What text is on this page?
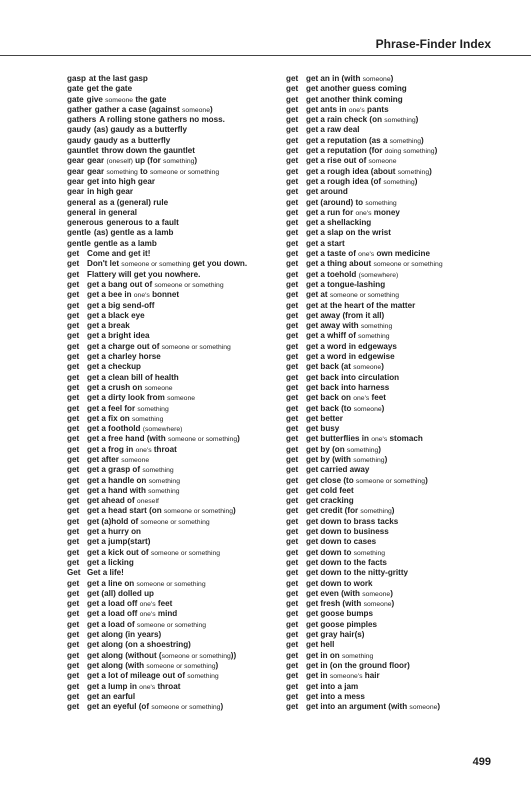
Phrase-Finder Index
gasp at the last gasp
gate get the gate
gate give someone the gate
gather gather a case (against someone)
gathers A rolling stone gathers no moss.
gaudy (as) gaudy as a butterfly
gaudy gaudy as a butterfly
gauntlet throw down the gauntlet
gear gear (oneself) up (for something)
gear gear something to someone or something
gear get into high gear
gear in high gear
general as a (general) rule
general in general
generous generous to a fault
gentle (as) gentle as a lamb
gentle gentle as a lamb
get Come and get it!
get Don't let someone or something get you down.
get Flattery will get you nowhere.
get get a bang out of someone or something
get get a bee in one's bonnet
get get a big send-off
get get a black eye
get get a break
get get a bright idea
get get a charge out of someone or something
get get a charley horse
get get a checkup
get get a clean bill of health
get get a crush on someone
get get a dirty look from someone
get get a feel for something
get get a fix on something
get get a foothold (somewhere)
get get a free hand (with someone or something)
get get a frog in one's throat
get get after someone
get get a grasp of something
get get a handle on something
get get a hand with something
get get ahead of oneself
get get a head start (on someone or something)
get get (a)hold of someone or something
get get a hurry on
get get a jump(start)
get get a kick out of someone or something
get get a licking
Get Get a life!
get get a line on someone or something
get get (all) dolled up
get get a load off one's feet
get get a load off one's mind
get get a load of someone or something
get get along (in years)
get get along (on a shoestring)
get get along (without (someone or something))
get get along (with someone or something)
get get a lot of mileage out of something
get get a lump in one's throat
get get an earful
get get an eyeful (of someone or something)
get get an in (with someone)
get get another guess coming
get get another think coming
get get ants in one's pants
get get a rain check (on something)
get get a raw deal
get get a reputation (as a something)
get get a reputation (for doing something)
get get a rise out of someone
get get a rough idea (about something)
get get a rough idea (of something)
get get around
get get (around) to something
get get a run for one's money
get get a shellacking
get get a slap on the wrist
get get a start
get get a taste of one's own medicine
get get a thing about someone or something
get get a toehold (somewhere)
get get a tongue-lashing
get get at someone or something
get get at the heart of the matter
get get away (from it all)
get get away with something
get get a whiff of something
get get a word in edgeways
get get a word in edgewise
get get back (at someone)
get get back into circulation
get get back into harness
get get back on one's feet
get get back (to someone)
get get better
get get busy
get get butterflies in one's stomach
get get by (on something)
get get by (with something)
get get carried away
get get close (to someone or something)
get get cold feet
get get cracking
get get credit (for something)
get get down to brass tacks
get get down to business
get get down to cases
get get down to something
get get down to the facts
get get down to the nitty-gritty
get get down to work
get get even (with someone)
get get fresh (with someone)
get get goose bumps
get get goose pimples
get get gray hair(s)
get get hell
get get in on something
get get in (on the ground floor)
get get in someone's hair
get get into a jam
get get into a mess
get get into an argument (with someone)
499
